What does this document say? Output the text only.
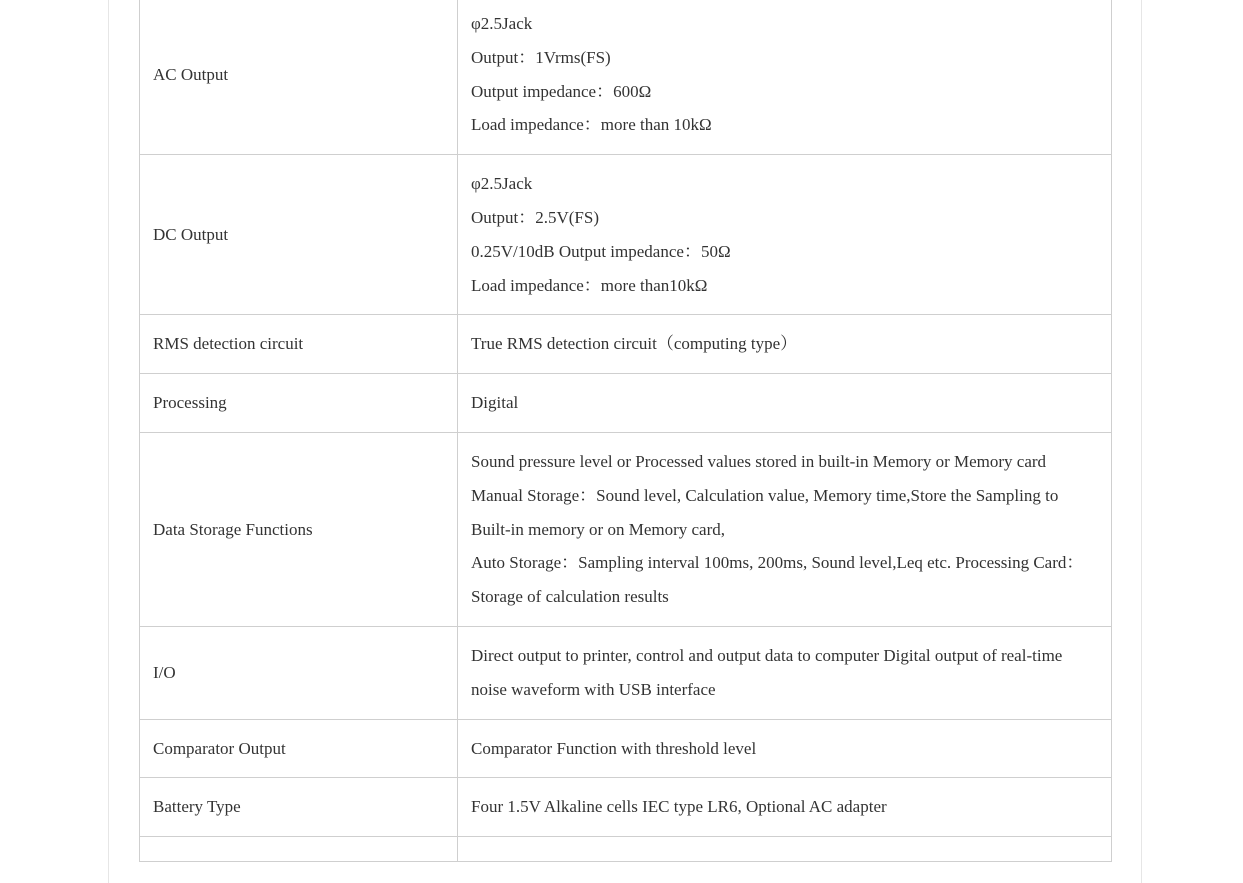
AC Output	φ2.5Jack
Output：1Vrms(FS)
Output impedance：600Ω
Load impedance：more than 10kΩ

DC Output	φ2.5Jack
Output：2.5V(FS)
0.25V/10dB Output impedance：50Ω
Load impedance：more than10kΩ

RMS detection circuit	True RMS detection circuit（computing type）

Processing	Digital

Data Storage Functions	Sound pressure level or Processed values stored in built-in Memory or Memory card
Manual Storage：Sound level, Calculation value, Memory time,Store the Sampling to Built-in memory or on Memory card,
Auto Storage：Sampling interval 100ms, 200ms, Sound level,Leq etc. Processing Card： Storage of calculation results

I/O	Direct output to printer, control and output data to computer Digital output of real-time noise waveform with USB interface

Comparator Output	Comparator Function with threshold level

Battery Type	Four 1.5V Alkaline cells IEC type LR6, Optional AC adapter
